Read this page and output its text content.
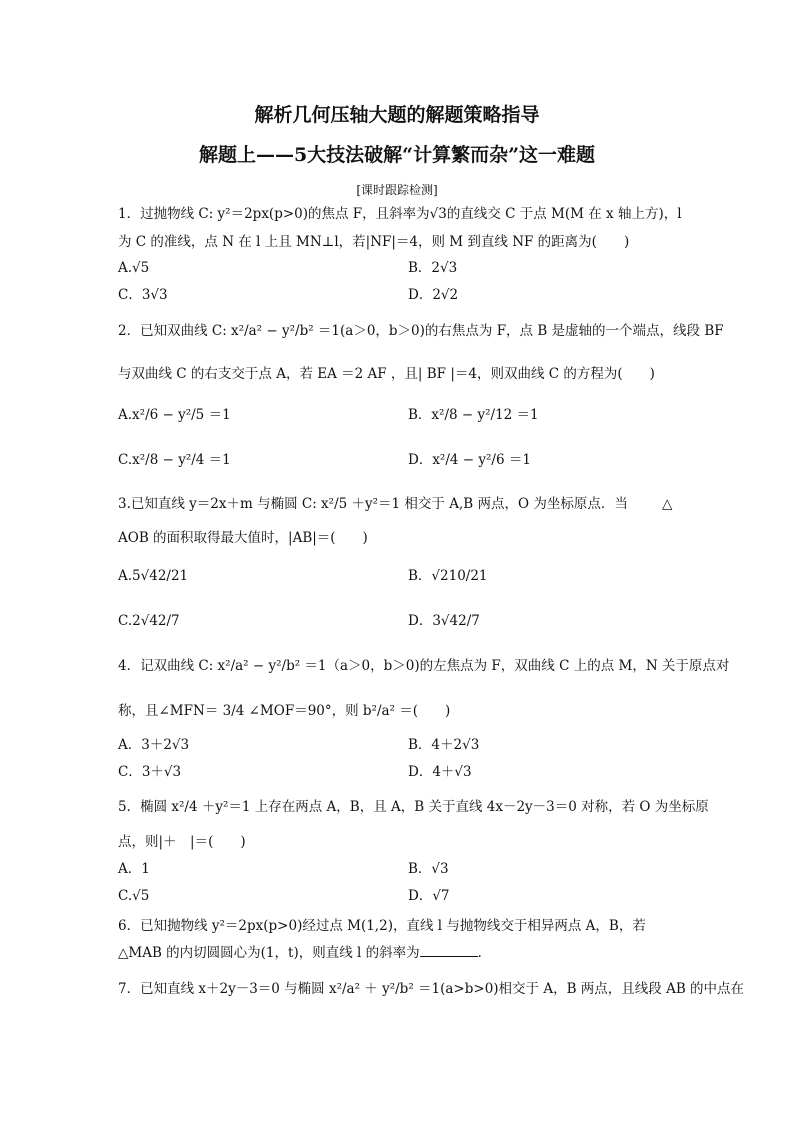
解析几何压轴大题的解题策略指导
解题上——5大技法破解“计算繁而杂”这一难题
[课时跟踪检测]
1．过抛物线 C: y²＝2px(p>0)的焦点 F，且斜率为√3的直线交 C 于点 M(M 在 x 轴上方)，l
为 C 的准线，点 N 在 l 上且 MN⊥l，若|NF|＝4，则 M 到直线 NF 的距离为(　　)
A.√5	B．2√3
C．3√3	D．2√2
2．已知双曲线 C: x²/a² − y²/b² ＝1(a＞0，b＞0)的右焦点为 F，点 B 是虚轴的一个端点，线段 BF
与双曲线 C 的右支交于点 A，若 EA ＝2 AF ，且| BF |＝4，则双曲线 C 的方程为(　　)
A.x²/6 − y²/5 ＝1	B．x²/8 − y²/12 ＝1
C.x²/8 − y²/4 ＝1	D．x²/4 − y²/6 ＝1
3.已知直线 y＝2x＋m 与椭圆 C: x²/5 ＋y²＝1 相交于 A,B 两点，O 为坐标原点．当	△
AOB 的面积取得最大值时，|AB|＝(　　)
A.5√42/21	B．√210/21
C.2√42/7	D．3√42/7
4．记双曲线 C: x²/a² − y²/b² ＝1（a＞0，b＞0)的左焦点为 F，双曲线 C 上的点 M，N 关于原点对
称，且∠MFN＝ 3/4 ∠MOF＝90°，则 b²/a² ＝(　　)
A．3＋2√3	B．4＋2√3
C．3＋√3	D．4＋√3
5．椭圆 x²/4 ＋y²＝1 上存在两点 A，B，且 A，B 关于直线 4x－2y－3＝0 对称，若 O 为坐标原
点，则|＋　|＝(　　)
A．1	B．√3
C.√5	D．√7
6．已知抛物线 y²＝2px(p>0)经过点 M(1,2)，直线 l 与抛物线交于相异两点 A，B，若
△MAB 的内切圆圆心为(1，t)，则直线 l 的斜率为	．
7．已知直线 x＋2y－3＝0 与椭圆 x²/a² ＋ y²/b² ＝1(a>b>0)相交于 A，B 两点，且线段 AB 的中点在
